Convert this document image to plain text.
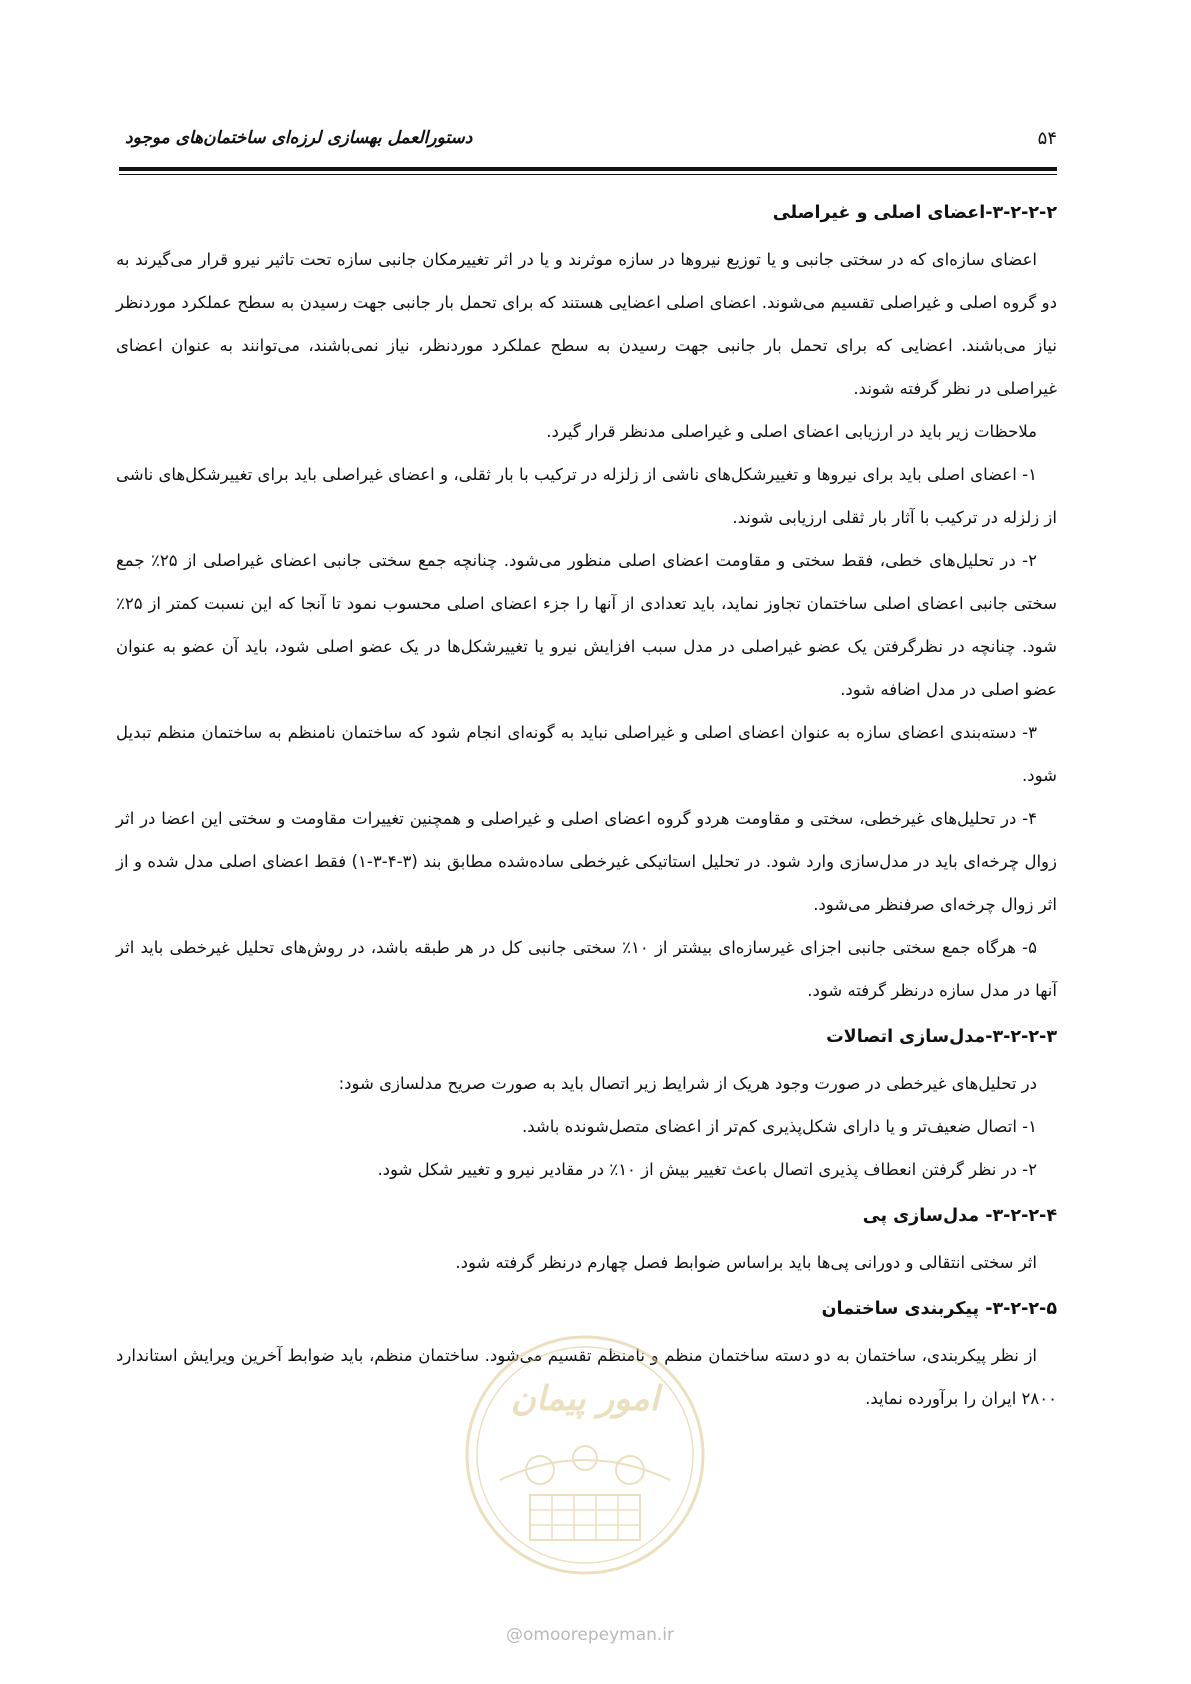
۵۴
دستورالعمل بهسازی لرزه‌ای ساختمان‌های موجود
۳-۲-۲-۲-اعضای اصلی و غیراصلی

اعضای سازه‌ای که در سختی جانبی و یا توزیع نیروها در سازه موثرند و یا در اثر تغییرمکان جانبی سازه تحت تاثیر نیرو قرار می‌گیرند به دو گروه اصلی و غیراصلی تقسیم می‌شوند. اعضای اصلی اعضایی هستند که برای تحمل بار جانبی جهت رسیدن به سطح عملکرد موردنظر نیاز می‌باشند. اعضایی که برای تحمل بار جانبی جهت رسیدن به سطح عملکرد موردنظر، نیاز نمی‌باشند، می‌توانند به عنوان اعضای غیراصلی در نظر گرفته شوند.

ملاحظات زیر باید در ارزیابی اعضای اصلی و غیراصلی مدنظر قرار گیرد.

۱- اعضای اصلی باید برای نیروها و تغییرشکل‌های ناشی از زلزله در ترکیب با بار ثقلی، و اعضای غیراصلی باید برای تغییرشکل‌های ناشی از زلزله در ترکیب با آثار بار ثقلی ارزیابی شوند.

۲- در تحلیل‌های خطی، فقط سختی و مقاومت اعضای اصلی منظور می‌شود. چنانچه جمع سختی جانبی اعضای غیراصلی از ۲۵٪ جمع سختی جانبی اعضای اصلی ساختمان تجاوز نماید، باید تعدادی از آنها را جزء اعضای اصلی محسوب نمود تا آنجا که این نسبت کمتر از ۲۵٪ شود. چنانچه در نظرگرفتن یک عضو غیراصلی در مدل سبب افزایش نیرو یا تغییرشکل‌ها در یک عضو اصلی شود، باید آن عضو به عنوان عضو اصلی در مدل اضافه شود.

۳- دسته‌بندی اعضای سازه به عنوان اعضای اصلی و غیراصلی نباید به گونه‌ای انجام شود که ساختمان نامنظم به ساختمان منظم تبدیل شود.

۴- در تحلیل‌های غیرخطی، سختی و مقاومت هردو گروه اعضای اصلی و غیراصلی و همچنین تغییرات مقاومت و سختی این اعضا در اثر زوال چرخه‌ای باید در مدل‌سازی وارد شود. در تحلیل استاتیکی غیرخطی ساده‌شده مطابق بند (۳-۴-۳-۱) فقط اعضای اصلی مدل شده و از اثر زوال چرخه‌ای صرفنظر می‌شود.

۵- هرگاه جمع سختی جانبی اجزای غیرسازه‌ای بیشتر از ۱۰٪ سختی جانبی کل در هر طبقه باشد، در روش‌های تحلیل غیرخطی باید اثر آنها در مدل سازه درنظر گرفته شود.

۳-۲-۲-۳-مدل‌سازی اتصالات

در تحلیل‌های غیرخطی در صورت وجود هریک از شرایط زیر اتصال باید به صورت صریح مدلسازی شود:

۱- اتصال ضعیف‌تر و یا دارای شکل‌پذیری کم‌تر از اعضای متصل‌شونده باشد.

۲- در نظر گرفتن انعطاف پذیری اتصال باعث تغییر بیش از ۱۰٪ در مقادیر نیرو و تغییر شکل شود.

۳-۲-۲-۴- مدل‌سازی پی

اثر سختی انتقالی و دورانی پی‌ها باید براساس ضوابط فصل چهارم درنظر گرفته شود.

۳-۲-۲-۵- پیکربندی ساختمان

از نظر پیکربندی، ساختمان به دو دسته ساختمان منظم و نامنظم تقسیم می‌شود. ساختمان منظم، باید ضوابط آخرین ویرایش استاندارد ۲۸۰۰ ایران را برآورده نماید.

امور پیمان
@omoorepeyman.ir
